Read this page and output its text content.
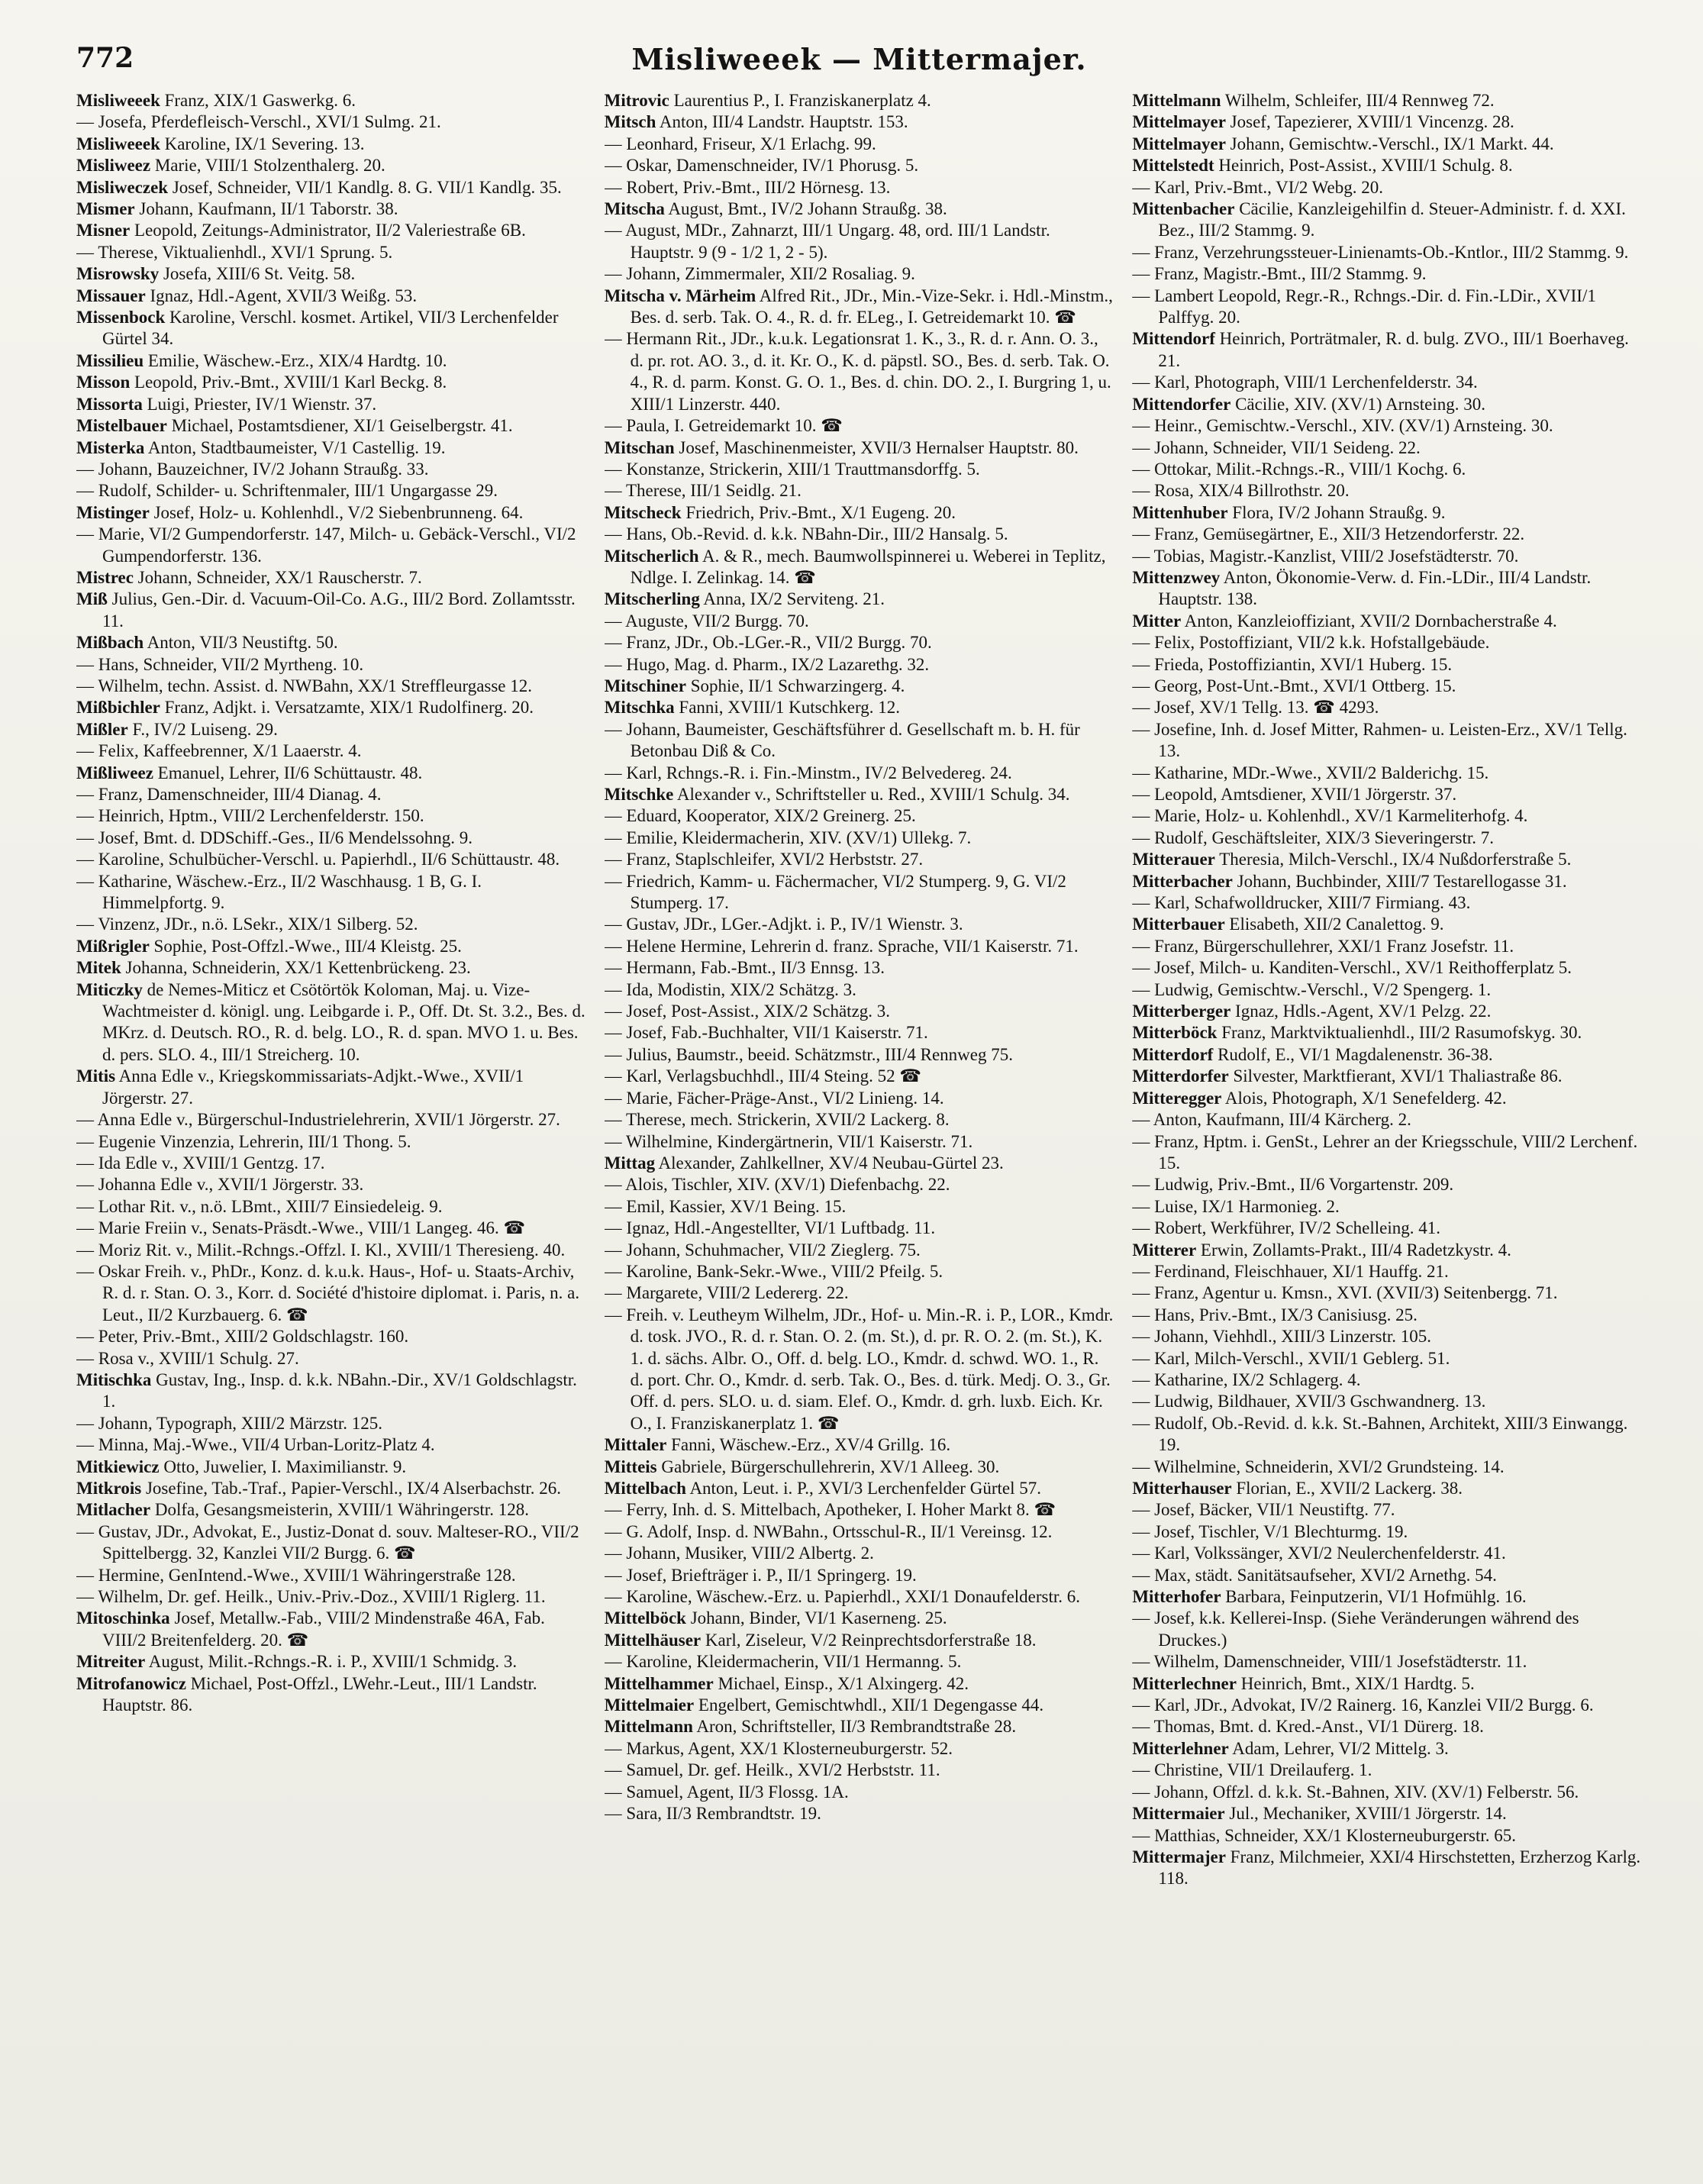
772	Misliweeek — Mittermajer.

Misliweeek Franz, XIX/1 Gaswerkg. 6.

— Josefa, Pferdefleisch-Verschl., XVI/1 Sulmg. 21.

Misliweeek Karoline, IX/1 Severing. 13.

Misliweez Marie, VIII/1 Stolzenthalerg. 20.

Misliweczek Josef, Schneider, VII/1 Kandlg. 8. G. VII/1 Kandlg. 35.

Mismer Johann, Kaufmann, II/1 Taborstr. 38.

Misner Leopold, Zeitungs-Administrator, II/2 Valeriestraße 6B.

— Therese, Viktualienhdl., XVI/1 Sprung. 5.

Misrowsky Josefa, XIII/6 St. Veitg. 58.

Missauer Ignaz, Hdl.-Agent, XVII/3 Weißg. 53.

Missenbock Karoline, Verschl. kosmet. Artikel, VII/3 Lerchenfelder Gürtel 34.

Missilieu Emilie, Wäschew.-Erz., XIX/4 Hardtg. 10.

Misson Leopold, Priv.-Bmt., XVIII/1 Karl Beckg. 8.

Missorta Luigi, Priester, IV/1 Wienstr. 37.

Mistelbauer Michael, Postamtsdiener, XI/1 Geiselbergstr. 41.

Misterka Anton, Stadtbaumeister, V/1 Castellig. 19.

— Johann, Bauzeichner, IV/2 Johann Straußg. 33.

— Rudolf, Schilder- u. Schriftenmaler, III/1 Ungargasse 29.

Mistinger Josef, Holz- u. Kohlenhdl., V/2 Siebenbrunneng. 64.

— Marie, VI/2 Gumpendorferstr. 147, Milch- u. Gebäck-Verschl., VI/2 Gumpendorferstr. 136.

Mistrec Johann, Schneider, XX/1 Rauscherstr. 7.

Miß Julius, Gen.-Dir. d. Vacuum-Oil-Co. A.G., III/2 Bord. Zollamtsstr. 11.

Mißbach Anton, VII/3 Neustiftg. 50.

— Hans, Schneider, VII/2 Myrtheng. 10.

— Wilhelm, techn. Assist. d. NWBahn, XX/1 Streffleurgasse 12.

Mißbichler Franz, Adjkt. i. Versatzamte, XIX/1 Rudolfinerg. 20.

Mißler F., IV/2 Luiseng. 29.

— Felix, Kaffeebrenner, X/1 Laaerstr. 4.

Mißliweez Emanuel, Lehrer, II/6 Schüttaustr. 48.

— Franz, Damenschneider, III/4 Dianag. 4.

— Heinrich, Hptm., VIII/2 Lerchenfelderstr. 150.

— Josef, Bmt. d. DDSchiff.-Ges., II/6 Mendelssohng. 9.

— Karoline, Schulbücher-Verschl. u. Papierhdl., II/6 Schüttaustr. 48.

— Katharine, Wäschew.-Erz., II/2 Waschhausg. 1 B, G. I. Himmelpfortg. 9.

— Vinzenz, JDr., n.ö. LSekr., XIX/1 Silberg. 52.

Mißrigler Sophie, Post-Offzl.-Wwe., III/4 Kleistg. 25.

Mitek Johanna, Schneiderin, XX/1 Kettenbrückeng. 23.

Miticzky de Nemes-Miticz et Csötörtök Koloman, Maj. u. Vize-Wachtmeister d. königl. ung. Leibgarde i. P., Off. Dt. St. 3.2., Bes. d. MKrz. d. Deutsch. RO., R. d. belg. LO., R. d. span. MVO 1. u. Bes. d. pers. SLO. 4., III/1 Streicherg. 10.

Mitis Anna Edle v., Kriegskommissariats-Adjkt.-Wwe., XVII/1 Jörgerstr. 27.

— Anna Edle v., Bürgerschul-Industrielehrerin, XVII/1 Jörgerstr. 27.

— Eugenie Vinzenzia, Lehrerin, III/1 Thong. 5.

— Ida Edle v., XVIII/1 Gentzg. 17.

— Johanna Edle v., XVII/1 Jörgerstr. 33.

— Lothar Rit. v., n.ö. LBmt., XIII/7 Einsiedeleig. 9.

— Marie Freiin v., Senats-Präsdt.-Wwe., VIII/1 Langeg. 46. ☎

— Moriz Rit. v., Milit.-Rchngs.-Offzl. I. Kl., XVIII/1 Theresieng. 40.

— Oskar Freih. v., PhDr., Konz. d. k.u.k. Haus-, Hof- u. Staats-Archiv, R. d. r. Stan. O. 3., Korr. d. Société d'histoire diplomat. i. Paris, n. a. Leut., II/2 Kurzbauerg. 6. ☎

— Peter, Priv.-Bmt., XIII/2 Goldschlagstr. 160.

— Rosa v., XVIII/1 Schulg. 27.

Mitischka Gustav, Ing., Insp. d. k.k. NBahn.-Dir., XV/1 Goldschlagstr. 1.

— Johann, Typograph, XIII/2 Märzstr. 125.

— Minna, Maj.-Wwe., VII/4 Urban-Loritz-Platz 4.

Mitkiewicz Otto, Juwelier, I. Maximilianstr. 9.

Mitkrois Josefine, Tab.-Traf., Papier-Verschl., IX/4 Alserbachstr. 26.

Mitlacher Dolfa, Gesangsmeisterin, XVIII/1 Währingerstr. 128.

— Gustav, JDr., Advokat, E., Justiz-Donat d. souv. Malteser-RO., VII/2 Spittelbergg. 32, Kanzlei VII/2 Burgg. 6. ☎

— Hermine, GenIntend.-Wwe., XVIII/1 Währingerstraße 128.

— Wilhelm, Dr. gef. Heilk., Univ.-Priv.-Doz., XVIII/1 Riglerg. 11.

Mitoschinka Josef, Metallw.-Fab., VIII/2 Mindenstraße 46A, Fab. VIII/2 Breitenfelderg. 20. ☎

Mitreiter August, Milit.-Rchngs.-R. i. P., XVIII/1 Schmidg. 3.

Mitrofanowicz Michael, Post-Offzl., LWehr.-Leut., III/1 Landstr. Hauptstr. 86.

Mitrovic Laurentius P., I. Franziskanerplatz 4.

Mitsch Anton, III/4 Landstr. Hauptstr. 153.

— Leonhard, Friseur, X/1 Erlachg. 99.

— Oskar, Damenschneider, IV/1 Phorusg. 5.

— Robert, Priv.-Bmt., III/2 Hörnesg. 13.

Mitscha August, Bmt., IV/2 Johann Straußg. 38.

— August, MDr., Zahnarzt, III/1 Ungarg. 48, ord. III/1 Landstr. Hauptstr. 9 (9 - 1/2 1, 2 - 5).

— Johann, Zimmermaler, XII/2 Rosaliag. 9.

Mitscha v. Märheim Alfred Rit., JDr., Min.-Vize-Sekr. i. Hdl.-Minstm., Bes. d. serb. Tak. O. 4., R. d. fr. ELeg., I. Getreidemarkt 10. ☎

— Hermann Rit., JDr., k.u.k. Legationsrat 1. K., 3., R. d. r. Ann. O. 3., d. pr. rot. AO. 3., d. it. Kr. O., K. d. päpstl. SO., Bes. d. serb. Tak. O. 4., R. d. parm. Konst. G. O. 1., Bes. d. chin. DO. 2., I. Burgring 1, u. XIII/1 Linzerstr. 440.

— Paula, I. Getreidemarkt 10. ☎

Mitschan Josef, Maschinenmeister, XVII/3 Hernalser Hauptstr. 80.

— Konstanze, Strickerin, XIII/1 Trauttmansdorffg. 5.

— Therese, III/1 Seidlg. 21.

Mitscheck Friedrich, Priv.-Bmt., X/1 Eugeng. 20.

— Hans, Ob.-Revid. d. k.k. NBahn-Dir., III/2 Hansalg. 5.

Mitscherlich A. & R., mech. Baumwollspinnerei u. Weberei in Teplitz, Ndlge. I. Zelinkag. 14. ☎

Mitscherling Anna, IX/2 Serviteng. 21.

— Auguste, VII/2 Burgg. 70.

— Franz, JDr., Ob.-LGer.-R., VII/2 Burgg. 70.

— Hugo, Mag. d. Pharm., IX/2 Lazarethg. 32.

Mitschiner Sophie, II/1 Schwarzingerg. 4.

Mitschka Fanni, XVIII/1 Kutschkerg. 12.

— Johann, Baumeister, Geschäftsführer d. Gesellschaft m. b. H. für Betonbau Diß & Co.

— Karl, Rchngs.-R. i. Fin.-Minstm., IV/2 Belvedereg. 24.

Mitschke Alexander v., Schriftsteller u. Red., XVIII/1 Schulg. 34.

— Eduard, Kooperator, XIX/2 Greinerg. 25.

— Emilie, Kleidermacherin, XIV. (XV/1) Ullekg. 7.

— Franz, Staplschleifer, XVI/2 Herbststr. 27.

— Friedrich, Kamm- u. Fächermacher, VI/2 Stumperg. 9, G. VI/2 Stumperg. 17.

— Gustav, JDr., LGer.-Adjkt. i. P., IV/1 Wienstr. 3.

— Helene Hermine, Lehrerin d. franz. Sprache, VII/1 Kaiserstr. 71.

— Hermann, Fab.-Bmt., II/3 Ennsg. 13.

— Ida, Modistin, XIX/2 Schätzg. 3.

— Josef, Post-Assist., XIX/2 Schätzg. 3.

— Josef, Fab.-Buchhalter, VII/1 Kaiserstr. 71.

— Julius, Baumstr., beeid. Schätzmstr., III/4 Rennweg 75.

— Karl, Verlagsbuchhdl., III/4 Steing. 52 ☎

— Marie, Fächer-Präge-Anst., VI/2 Linieng. 14.

— Therese, mech. Strickerin, XVII/2 Lackerg. 8.

— Wilhelmine, Kindergärtnerin, VII/1 Kaiserstr. 71.

Mittag Alexander, Zahlkellner, XV/4 Neubau-Gürtel 23.

— Alois, Tischler, XIV. (XV/1) Diefenbachg. 22.

— Emil, Kassier, XV/1 Being. 15.

— Ignaz, Hdl.-Angestellter, VI/1 Luftbadg. 11.

— Johann, Schuhmacher, VII/2 Zieglerg. 75.

— Karoline, Bank-Sekr.-Wwe., VIII/2 Pfeilg. 5.

— Margarete, VIII/2 Ledererg. 22.

— Freih. v. Leutheym Wilhelm, JDr., Hof- u. Min.-R. i. P., LOR., Kmdr. d. tosk. JVO., R. d. r. Stan. O. 2. (m. St.), d. pr. R. O. 2. (m. St.), K. 1. d. sächs. Albr. O., Off. d. belg. LO., Kmdr. d. schwd. WO. 1., R. d. port. Chr. O., Kmdr. d. serb. Tak. O., Bes. d. türk. Medj. O. 3., Gr. Off. d. pers. SLO. u. d. siam. Elef. O., Kmdr. d. grh. luxb. Eich. Kr. O., I. Franziskanerplatz 1. ☎

Mittaler Fanni, Wäschew.-Erz., XV/4 Grillg. 16.

Mitteis Gabriele, Bürgerschullehrerin, XV/1 Alleeg. 30.

Mittelbach Anton, Leut. i. P., XVI/3 Lerchenfelder Gürtel 57.

— Ferry, Inh. d. S. Mittelbach, Apotheker, I. Hoher Markt 8. ☎

— G. Adolf, Insp. d. NWBahn., Ortsschul-R., II/1 Vereinsg. 12.

— Johann, Musiker, VIII/2 Albertg. 2.

— Josef, Briefträger i. P., II/1 Springerg. 19.

— Karoline, Wäschew.-Erz. u. Papierhdl., XXI/1 Donaufelderstr. 6.

Mittelböck Johann, Binder, VI/1 Kaserneng. 25.

Mittelhäuser Karl, Ziseleur, V/2 Reinprechtsdorferstraße 18.

— Karoline, Kleidermacherin, VII/1 Hermanng. 5.

Mittelhammer Michael, Einsp., X/1 Alxingerg. 42.

Mittelmaier Engelbert, Gemischtwhdl., XII/1 Degengasse 44.

Mittelmann Aron, Schriftsteller, II/3 Rembrandtstraße 28.

— Markus, Agent, XX/1 Klosterneuburgerstr. 52.

— Samuel, Dr. gef. Heilk., XVI/2 Herbststr. 11.

— Samuel, Agent, II/3 Flossg. 1A.

— Sara, II/3 Rembrandtstr. 19.

Mittelmann Wilhelm, Schleifer, III/4 Rennweg 72.

Mittelmayer Josef, Tapezierer, XVIII/1 Vincenzg. 28.

Mittelmayer Johann, Gemischtw.-Verschl., IX/1 Markt. 44.

Mittelstedt Heinrich, Post-Assist., XVIII/1 Schulg. 8.

— Karl, Priv.-Bmt., VI/2 Webg. 20.

Mittenbacher Cäcilie, Kanzleigehilfin d. Steuer-Administr. f. d. XXI. Bez., III/2 Stammg. 9.

— Franz, Verzehrungssteuer-Linienamts-Ob.-Kntlor., III/2 Stammg. 9.

— Franz, Magistr.-Bmt., III/2 Stammg. 9.

— Lambert Leopold, Regr.-R., Rchngs.-Dir. d. Fin.-LDir., XVII/1 Palffyg. 20.

Mittendorf Heinrich, Porträtmaler, R. d. bulg. ZVO., III/1 Boerhaveg. 21.

— Karl, Photograph, VIII/1 Lerchenfelderstr. 34.

Mittendorfer Cäcilie, XIV. (XV/1) Arnsteing. 30.

— Heinr., Gemischtw.-Verschl., XIV. (XV/1) Arnsteing. 30.

— Johann, Schneider, VII/1 Seideng. 22.

— Ottokar, Milit.-Rchngs.-R., VIII/1 Kochg. 6.

— Rosa, XIX/4 Billrothstr. 20.

Mittenhuber Flora, IV/2 Johann Straußg. 9.

— Franz, Gemüsegärtner, E., XII/3 Hetzendorferstr. 22.

— Tobias, Magistr.-Kanzlist, VIII/2 Josefstädterstr. 70.

Mittenzwey Anton, Ökonomie-Verw. d. Fin.-LDir., III/4 Landstr. Hauptstr. 138.

Mitter Anton, Kanzleioffiziant, XVII/2 Dornbacherstraße 4.

— Felix, Postoffiziant, VII/2 k.k. Hofstallgebäude.

— Frieda, Postoffiziantin, XVI/1 Huberg. 15.

— Georg, Post-Unt.-Bmt., XVI/1 Ottberg. 15.

— Josef, XV/1 Tellg. 13. ☎ 4293.

— Josefine, Inh. d. Josef Mitter, Rahmen- u. Leisten-Erz., XV/1 Tellg. 13.

— Katharine, MDr.-Wwe., XVII/2 Balderichg. 15.

— Leopold, Amtsdiener, XVII/1 Jörgerstr. 37.

— Marie, Holz- u. Kohlenhdl., XV/1 Karmeliterhofg. 4.

— Rudolf, Geschäftsleiter, XIX/3 Sieveringerstr. 7.

Mitterauer Theresia, Milch-Verschl., IX/4 Nußdorferstraße 5.

Mitterbacher Johann, Buchbinder, XIII/7 Testarellogasse 31.

— Karl, Schafwolldrucker, XIII/7 Firmiang. 43.

Mitterbauer Elisabeth, XII/2 Canalettog. 9.

— Franz, Bürgerschullehrer, XXI/1 Franz Josefstr. 11.

— Josef, Milch- u. Kanditen-Verschl., XV/1 Reithofferplatz 5.

— Ludwig, Gemischtw.-Verschl., V/2 Spengerg. 1.

Mitterberger Ignaz, Hdls.-Agent, XV/1 Pelzg. 22.

Mitterböck Franz, Marktviktualienhdl., III/2 Rasumofskyg. 30.

Mitterdorf Rudolf, E., VI/1 Magdalenenstr. 36-38.

Mitterdorfer Silvester, Marktfierant, XVI/1 Thaliastraße 86.

Mitteregger Alois, Photograph, X/1 Senefelderg. 42.

— Anton, Kaufmann, III/4 Kärcherg. 2.

— Franz, Hptm. i. GenSt., Lehrer an der Kriegsschule, VIII/2 Lerchenf. 15.

— Ludwig, Priv.-Bmt., II/6 Vorgartenstr. 209.

— Luise, IX/1 Harmonieg. 2.

— Robert, Werkführer, IV/2 Schelleing. 41.

Mitterer Erwin, Zollamts-Prakt., III/4 Radetzkystr. 4.

— Ferdinand, Fleischhauer, XI/1 Hauffg. 21.

— Franz, Agentur u. Kmsn., XVI. (XVII/3) Seitenbergg. 71.

— Hans, Priv.-Bmt., IX/3 Canisiusg. 25.

— Johann, Viehhdl., XIII/3 Linzerstr. 105.

— Karl, Milch-Verschl., XVII/1 Geblerg. 51.

— Katharine, IX/2 Schlagerg. 4.

— Ludwig, Bildhauer, XVII/3 Gschwandnerg. 13.

— Rudolf, Ob.-Revid. d. k.k. St.-Bahnen, Architekt, XIII/3 Einwangg. 19.

— Wilhelmine, Schneiderin, XVI/2 Grundsteing. 14.

Mitterhauser Florian, E., XVII/2 Lackerg. 38.

— Josef, Bäcker, VII/1 Neustiftg. 77.

— Josef, Tischler, V/1 Blechturmg. 19.

— Karl, Volkssänger, XVI/2 Neulerchenfelderstr. 41.

— Max, städt. Sanitätsaufseher, XVI/2 Arnethg. 54.

Mitterhofer Barbara, Feinputzerin, VI/1 Hofmühlg. 16.

— Josef, k.k. Kellerei-Insp. (Siehe Veränderungen während des Druckes.)

— Wilhelm, Damenschneider, VIII/1 Josefstädterstr. 11.

Mitterlechner Heinrich, Bmt., XIX/1 Hardtg. 5.

— Karl, JDr., Advokat, IV/2 Rainerg. 16, Kanzlei VII/2 Burgg. 6.

— Thomas, Bmt. d. Kred.-Anst., VI/1 Dürerg. 18.

Mitterlehner Adam, Lehrer, VI/2 Mittelg. 3.

— Christine, VII/1 Dreilauferg. 1.

— Johann, Offzl. d. k.k. St.-Bahnen, XIV. (XV/1) Felberstr. 56.

Mittermaier Jul., Mechaniker, XVIII/1 Jörgerstr. 14.

— Matthias, Schneider, XX/1 Klosterneuburgerstr. 65.

Mittermajer Franz, Milchmeier, XXI/4 Hirschstetten, Erzherzog Karlg. 118.
